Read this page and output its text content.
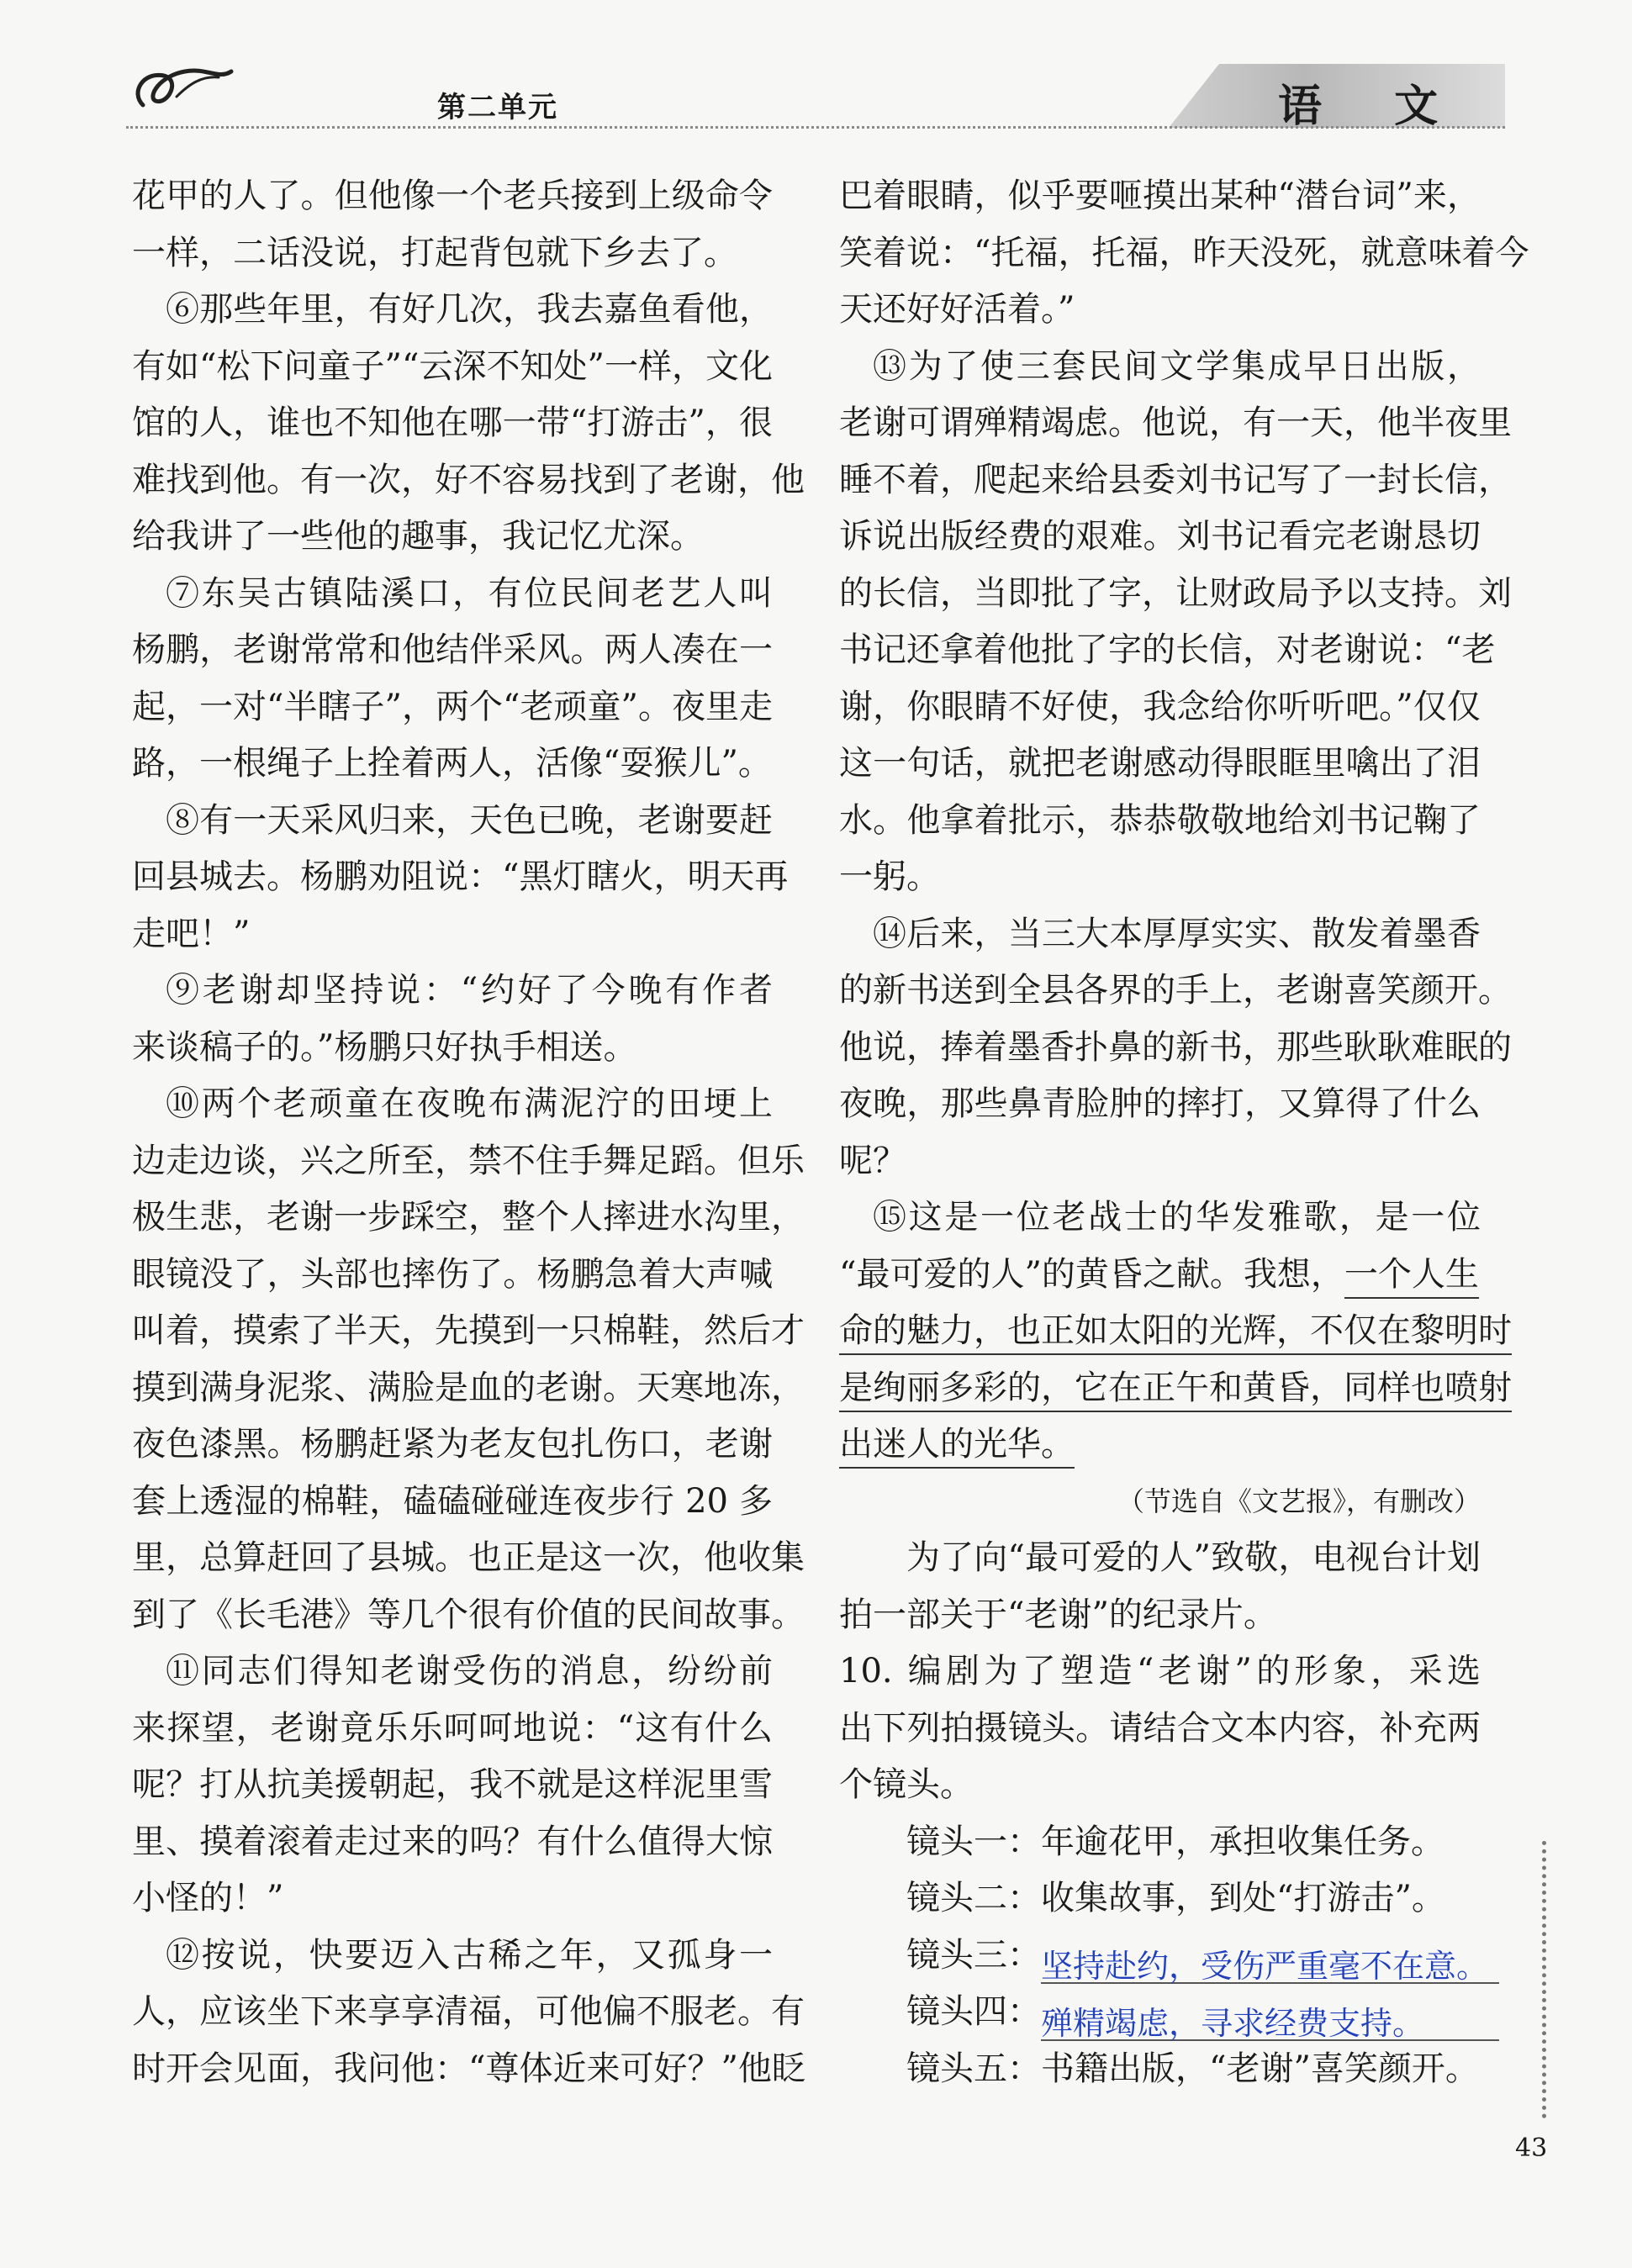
第二单元	语 文
花甲的人了。但他像一个老兵接到上级命令
一样，二话没说，打起背包就下乡去了。
⑥那些年里，有好几次，我去嘉鱼看他，
有如“松下问童子”“云深不知处”一样，文化
馆的人，谁也不知他在哪一带“打游击”，很
难找到他。有一次，好不容易找到了老谢，他
给我讲了一些他的趣事，我记忆尤深。
⑦东吴古镇陆溪口，有位民间老艺人叫
杨鹏，老谢常常和他结伴采风。两人凑在一
起，一对“半瞎子”，两个“老顽童”。夜里走
路，一根绳子上拴着两人，活像“耍猴儿”。
⑧有一天采风归来，天色已晚，老谢要赶
回县城去。杨鹏劝阻说：“黑灯瞎火，明天再
走吧！”
⑨老谢却坚持说：“约好了今晚有作者
来谈稿子的。”杨鹏只好执手相送。
⑩两个老顽童在夜晚布满泥泞的田埂上
边走边谈，兴之所至，禁不住手舞足蹈。但乐
极生悲，老谢一步踩空，整个人摔进水沟里，
眼镜没了，头部也摔伤了。杨鹏急着大声喊
叫着，摸索了半天，先摸到一只棉鞋，然后才
摸到满身泥浆、满脸是血的老谢。天寒地冻，
夜色漆黑。杨鹏赶紧为老友包扎伤口，老谢
套上透湿的棉鞋，磕磕碰碰连夜步行 20 多
里，总算赶回了县城。也正是这一次，他收集
到了《长毛港》等几个很有价值的民间故事。
⑪同志们得知老谢受伤的消息，纷纷前
来探望，老谢竟乐乐呵呵地说：“这有什么
呢？打从抗美援朝起，我不就是这样泥里雪
里、摸着滚着走过来的吗？有什么值得大惊
小怪的！”
⑫按说，快要迈入古稀之年，又孤身一
人，应该坐下来享享清福，可他偏不服老。有
时开会见面，我问他：“尊体近来可好？”他眨
巴着眼睛，似乎要咂摸出某种“潜台词”来，
笑着说：“托福，托福，昨天没死，就意味着今
天还好好活着。”
⑬为了使三套民间文学集成早日出版，
老谢可谓殚精竭虑。他说，有一天，他半夜里
睡不着，爬起来给县委刘书记写了一封长信，
诉说出版经费的艰难。刘书记看完老谢恳切
的长信，当即批了字，让财政局予以支持。刘
书记还拿着他批了字的长信，对老谢说：“老
谢，你眼睛不好使，我念给你听听吧。”仅仅
这一句话，就把老谢感动得眼眶里噙出了泪
水。他拿着批示，恭恭敬敬地给刘书记鞠了
一躬。
⑭后来，当三大本厚厚实实、散发着墨香
的新书送到全县各界的手上，老谢喜笑颜开。
他说，捧着墨香扑鼻的新书，那些耿耿难眠的
夜晚，那些鼻青脸肿的摔打，又算得了什么
呢？
⑮这是一位老战士的华发雅歌，是一位
“最可爱的人”的黄昏之献。我想，一个人生
命的魅力，也正如太阳的光辉，不仅在黎明时
是绚丽多彩的，它在正午和黄昏，同样也喷射
出迷人的光华。
（节选自《文艺报》，有删改）
为了向“最可爱的人”致敬，电视台计划
拍一部关于“老谢”的纪录片。
10. 编剧为了塑造“老谢”的形象，采选
出下列拍摄镜头。请结合文本内容，补充两
个镜头。
镜头一：年逾花甲，承担收集任务。
镜头二：收集故事，到处“打游击”。
镜头三：坚持赴约，受伤严重毫不在意。
镜头四：殚精竭虑，寻求经费支持。
镜头五：书籍出版，“老谢”喜笑颜开。
43
